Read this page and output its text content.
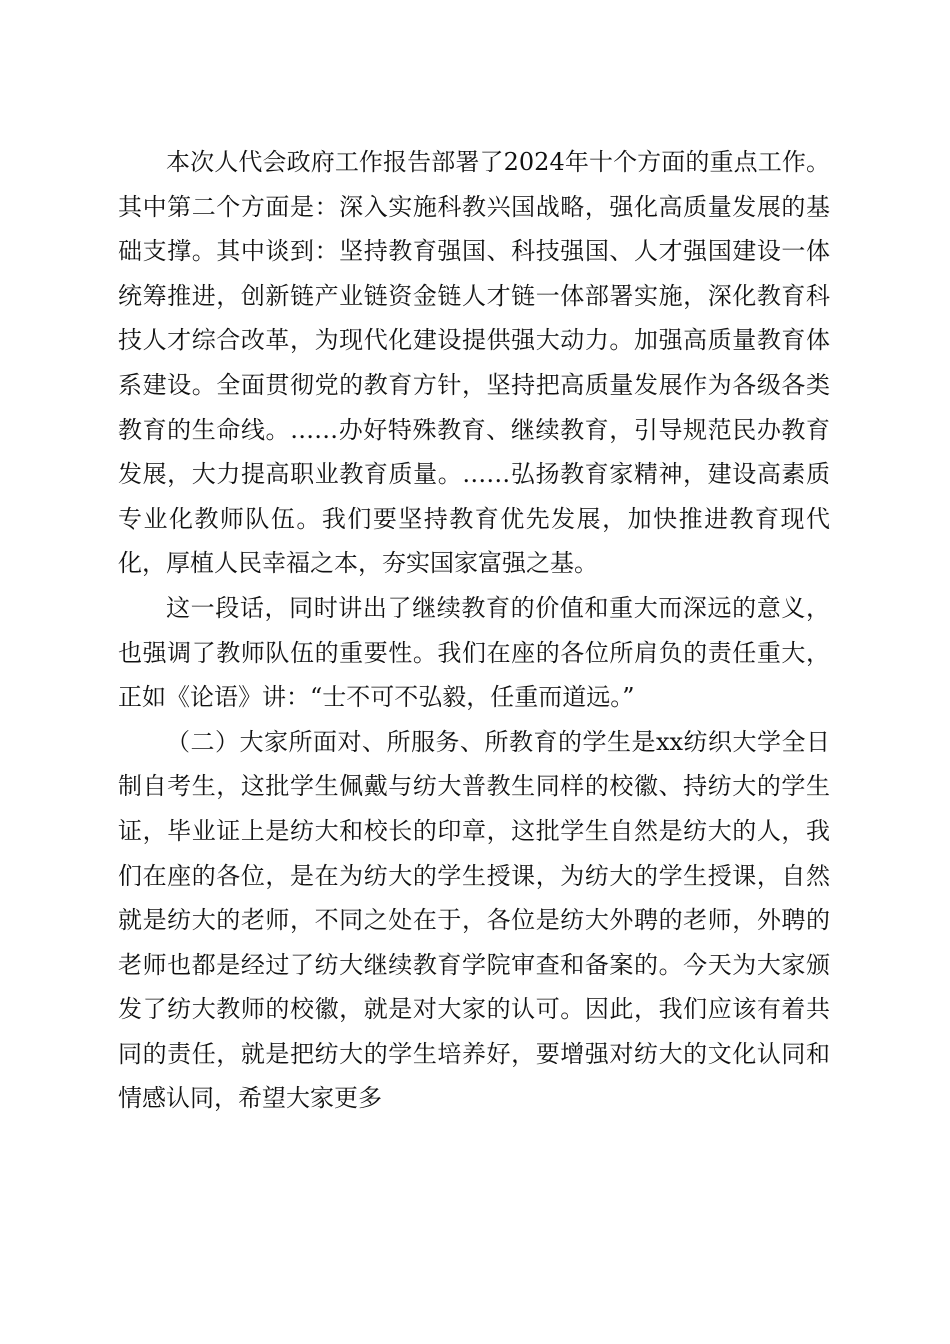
本次人代会政府工作报告部署了2024年十个方面的重点工作。其中第二个方面是：深入实施科教兴国战略，强化高质量发展的基础支撑。其中谈到：坚持教育强国、科技强国、人才强国建设一体统筹推进，创新链产业链资金链人才链一体部署实施，深化教育科技人才综合改革，为现代化建设提供强大动力。加强高质量教育体系建设。全面贯彻党的教育方针，坚持把高质量发展作为各级各类教育的生命线。……办好特殊教育、继续教育，引导规范民办教育发展，大力提高职业教育质量。……弘扬教育家精神，建设高素质专业化教师队伍。我们要坚持教育优先发展，加快推进教育现代化，厚植人民幸福之本，夯实国家富强之基。

这一段话，同时讲出了继续教育的价值和重大而深远的意义，也强调了教师队伍的重要性。我们在座的各位所肩负的责任重大，正如《论语》讲：“士不可不弘毅，任重而道远。”

（二）大家所面对、所服务、所教育的学生是xx纺织大学全日制自考生，这批学生佩戴与纺大普教生同样的校徽、持纺大的学生证，毕业证上是纺大和校长的印章，这批学生自然是纺大的人，我们在座的各位，是在为纺大的学生授课，为纺大的学生授课，自然就是纺大的老师，不同之处在于，各位是纺大外聘的老师，外聘的老师也都是经过了纺大继续教育学院审查和备案的。今天为大家颁发了纺大教师的校徽，就是对大家的认可。因此，我们应该有着共同的责任，就是把纺大的学生培养好，要增强对纺大的文化认同和情感认同，希望大家更多
